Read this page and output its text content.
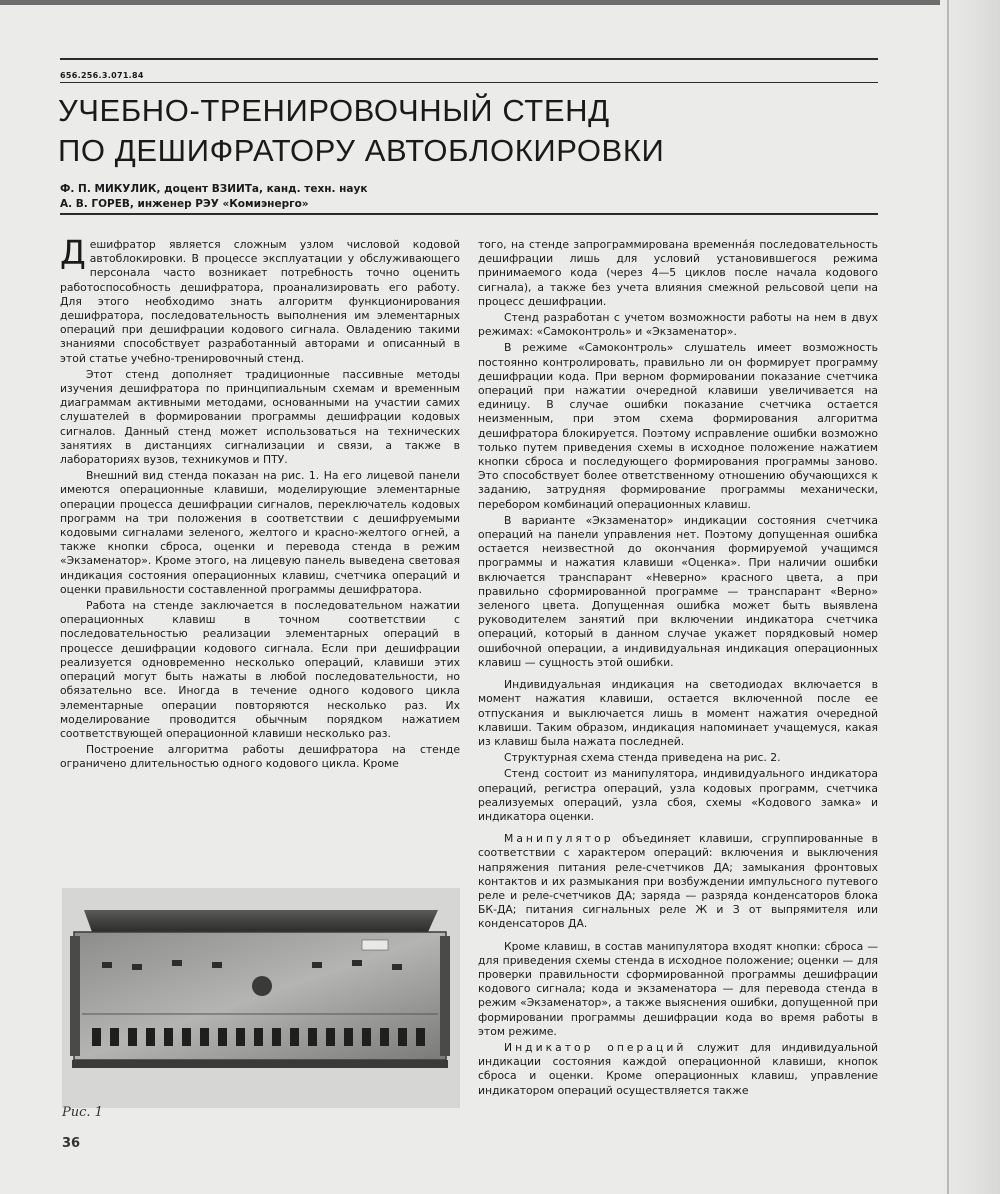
656.256.3.071.84
УЧЕБНО-ТРЕНИРОВОЧНЫЙ СТЕНД
ПО ДЕШИФРАТОРУ АВТОБЛОКИРОВКИ
Ф. П. МИКУЛИК, доцент ВЗИИТа, канд. техн. наук
А. В. ГОРЕВ, инженер РЭУ «Комиэнерго»

Дешифратор является сложным узлом числовой кодовой автоблокировки. В процессе эксплуатации у обслуживающего персонала часто возникает потребность точно оценить работоспособность дешифратора, проанализировать его работу. Для этого необходимо знать алгоритм функционирования дешифратора, последовательность выполнения им элементарных операций при дешифрации кодового сигнала. Овладению такими знаниями способствует разработанный авторами и описанный в этой статье учебно-тренировочный стенд.

Этот стенд дополняет традиционные пассивные методы изучения дешифратора по принципиальным схемам и временным диаграммам активными методами, основанными на участии самих слушателей в формировании программы дешифрации кодовых сигналов. Данный стенд может использоваться на технических занятиях в дистанциях сигнализации и связи, а также в лабораториях вузов, техникумов и ПТУ.

Внешний вид стенда показан на рис. 1. На его лицевой панели имеются операционные клавиши, моделирующие элементарные операции процесса дешифрации сигналов, переключатель кодовых программ на три положения в соответствии с дешифруемыми кодовыми сигналами зеленого, желтого и красно-желтого огней, а также кнопки сброса, оценки и перевода стенда в режим «Экзаменатор». Кроме этого, на лицевую панель выведена световая индикация состояния операционных клавиш, счетчика операций и оценки правильности составленной программы дешифратора.

Работа на стенде заключается в последовательном нажатии операционных клавиш в точном соответствии с последовательностью реализации элементарных операций в процессе дешифрации кодового сигнала. Если при дешифрации реализуется одновременно несколько операций, клавиши этих операций могут быть нажаты в любой последовательности, но обязательно все. Иногда в течение одного кодового цикла элементарные операции повторяются несколько раз. Их моделирование проводится обычным порядком нажатием соответствующей операционной клавиши несколько раз.

Построение алгоритма работы дешифратора на стенде ограничено длительностью одного кодового цикла. Кроме

того, на стенде запрограммирована временна́я последовательность дешифрации лишь для условий установившегося режима принимаемого кода (через 4—5 циклов после начала кодового сигнала), а также без учета влияния смежной рельсовой цепи на процесс дешифрации.

Стенд разработан с учетом возможности работы на нем в двух режимах: «Самоконтроль» и «Экзаменатор».

В режиме «Самоконтроль» слушатель имеет возможность постоянно контролировать, правильно ли он формирует программу дешифрации кода. При верном формировании показание счетчика операций при нажатии очередной клавиши увеличивается на единицу. В случае ошибки показание счетчика остается неизменным, при этом схема формирования алгоритма дешифратора блокируется. Поэтому исправление ошибки возможно только путем приведения схемы в исходное положение нажатием кнопки сброса и последующего формирования программы заново. Это способствует более ответственному отношению обучающихся к заданию, затрудняя формирование программы механически, перебором комбинаций операционных клавиш.

В варианте «Экзаменатор» индикации состояния счетчика операций на панели управления нет. Поэтому допущенная ошибка остается неизвестной до окончания формируемой учащимся программы и нажатия клавиши «Оценка». При наличии ошибки включается транспарант «Неверно» красного цвета, а при правильно сформированной программе — транспарант «Верно» зеленого цвета. Допущенная ошибка может быть выявлена руководителем занятий при включении индикатора счетчика операций, который в данном случае укажет порядковый номер ошибочной операции, а индивидуальная индикация операционных клавиш — сущность этой ошибки.

Индивидуальная индикация на светодиодах включается в момент нажатия клавиши, остается включенной после ее отпускания и выключается лишь в момент нажатия очередной клавиши. Таким образом, индикация напоминает учащемуся, какая из клавиш была нажата последней.

Структурная схема стенда приведена на рис. 2.

Стенд состоит из манипулятора, индивидуального индикатора операций, регистра операций, узла кодовых программ, счетчика реализуемых операций, узла сбоя, схемы «Кодового замка» и индикатора оценки.

Манипулятор объединяет клавиши, сгруппированные в соответствии с характером операций: включения и выключения напряжения питания реле-счетчиков ДА; замыкания фронтовых контактов и их размыкания при возбуждении импульсного путевого реле и реле-счетчиков ДА; заряда — разряда конденсаторов блока БК-ДА; питания сигнальных реле Ж и З от выпрямителя или конденсаторов ДА.

Кроме клавиш, в состав манипулятора входят кнопки: сброса — для приведения схемы стенда в исходное положение; оценки — для проверки правильности сформированной программы дешифрации кодового сигнала; кода и экзаменатора — для перевода стенда в режим «Экзаменатор», а также выяснения ошибки, допущенной при формировании программы дешифрации кода во время работы в этом режиме.

Индикатор операций служит для индивидуальной индикации состояния каждой операционной клавиши, кнопок сброса и оценки. Кроме операционных клавиш, управление индикатором операций осуществляется также

Рис. 1
36
